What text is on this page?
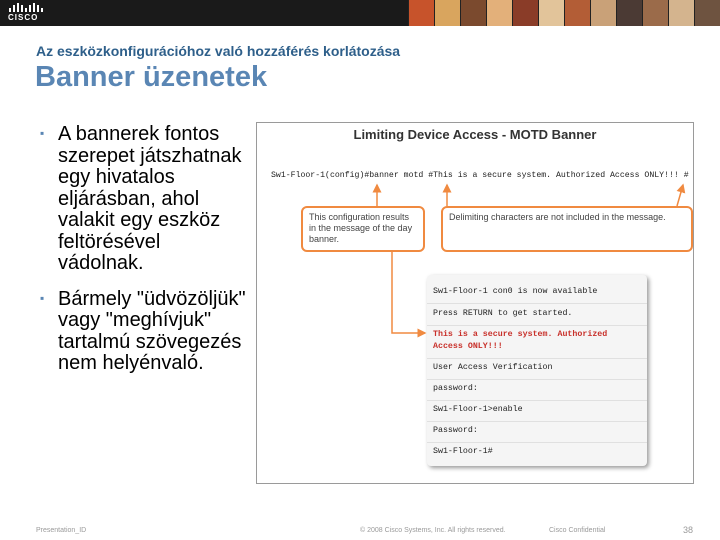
CISCO
Az eszközkonfigurációhoz való hozzáférés korlátozása
Banner üzenetek
▪ A bannerek fontos szerepet játszhatnak egy hivatalos eljárásban, ahol valakit egy eszköz feltörésével vádolnak.
▪ Bármely "üdvözöljük" vagy "meghívjuk" tartalmú szövegezés nem helyénvaló.
Limiting Device Access - MOTD Banner
Sw1-Floor-1(config)#banner motd #This is a secure system. Authorized Access ONLY!!! #
This configuration results in the message of the day banner.
Delimiting characters are not included in the message.
Sw1-Floor-1 con0 is now available
Press RETURN to get started.
This is a secure system. Authorized
Access ONLY!!!
User Access Verification
password:
Sw1-Floor-1>enable
Password:
Sw1-Floor-1#
Presentation_ID	© 2008 Cisco Systems, Inc. All rights reserved.	Cisco Confidential	38
